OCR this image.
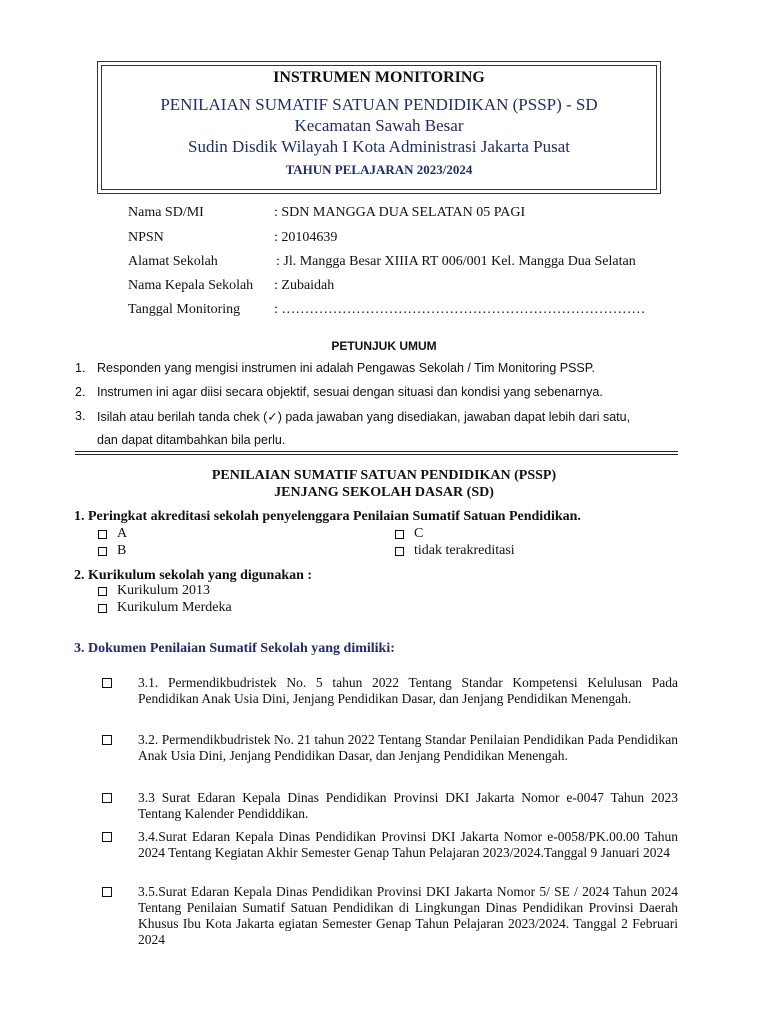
INSTRUMEN MONITORING
PENILAIAN SUMATIF SATUAN PENDIDIKAN (PSSP) - SD
Kecamatan Sawah Besar
Sudin Disdik Wilayah I Kota Administrasi Jakarta Pusat
TAHUN PELAJARAN 2023/2024
Nama SD/MI	: SDN MANGGA DUA SELATAN 05 PAGI
NPSN	: 20104639
Alamat Sekolah	: Jl. Mangga Besar XIIIA RT 006/001 Kel. Mangga Dua Selatan
Nama Kepala Sekolah : Zubaidah
Tanggal Monitoring : ……………………………………………………………………
PETUNJUK UMUM
1. Responden yang mengisi instrumen ini adalah Pengawas Sekolah / Tim Monitoring PSSP.
2. Instrumen ini agar diisi secara objektif, sesuai dengan situasi dan kondisi yang sebenarnya.
3. Isilah atau berilah tanda chek (✓) pada jawaban yang disediakan, jawaban dapat lebih dari satu,
dan dapat ditambahkan bila perlu.
PENILAIAN SUMATIF SATUAN PENDIDIKAN (PSSP)
JENJANG SEKOLAH DASAR (SD)
1. Peringkat akreditasi sekolah penyelenggara Penilaian Sumatif Satuan Pendidikan.
A
B
C
tidak terakreditasi
2. Kurikulum sekolah yang digunakan :
Kurikulum 2013
Kurikulum Merdeka
3. Dokumen Penilaian Sumatif Sekolah yang dimiliki:
3.1. Permendikbudristek No. 5 tahun 2022 Tentang Standar Kompetensi Kelulusan Pada Pendidikan Anak Usia Dini, Jenjang Pendidikan Dasar, dan Jenjang Pendidikan Menengah.
3.2. Permendikbudristek No. 21 tahun 2022 Tentang Standar Penilaian Pendidikan Pada Pendidikan Anak Usia Dini, Jenjang Pendidikan Dasar, dan Jenjang Pendidikan Menengah.
3.3 Surat Edaran Kepala Dinas Pendidikan Provinsi DKI Jakarta Nomor e-0047 Tahun 2023 Tentang Kalender Pendiddikan.
3.4.Surat Edaran Kepala Dinas Pendidikan Provinsi DKI Jakarta Nomor e-0058/PK.00.00 Tahun 2024 Tentang Kegiatan Akhir Semester Genap Tahun Pelajaran 2023/2024.Tanggal 9 Januari 2024
3.5.Surat Edaran Kepala Dinas Pendidikan Provinsi DKI Jakarta Nomor 5/ SE / 2024 Tahun 2024 Tentang Penilaian Sumatif Satuan Pendidikan di Lingkungan Dinas Pendidikan Provinsi Daerah Khusus Ibu Kota Jakarta egiatan Semester Genap Tahun Pelajaran 2023/2024. Tanggal 2 Februari 2024
